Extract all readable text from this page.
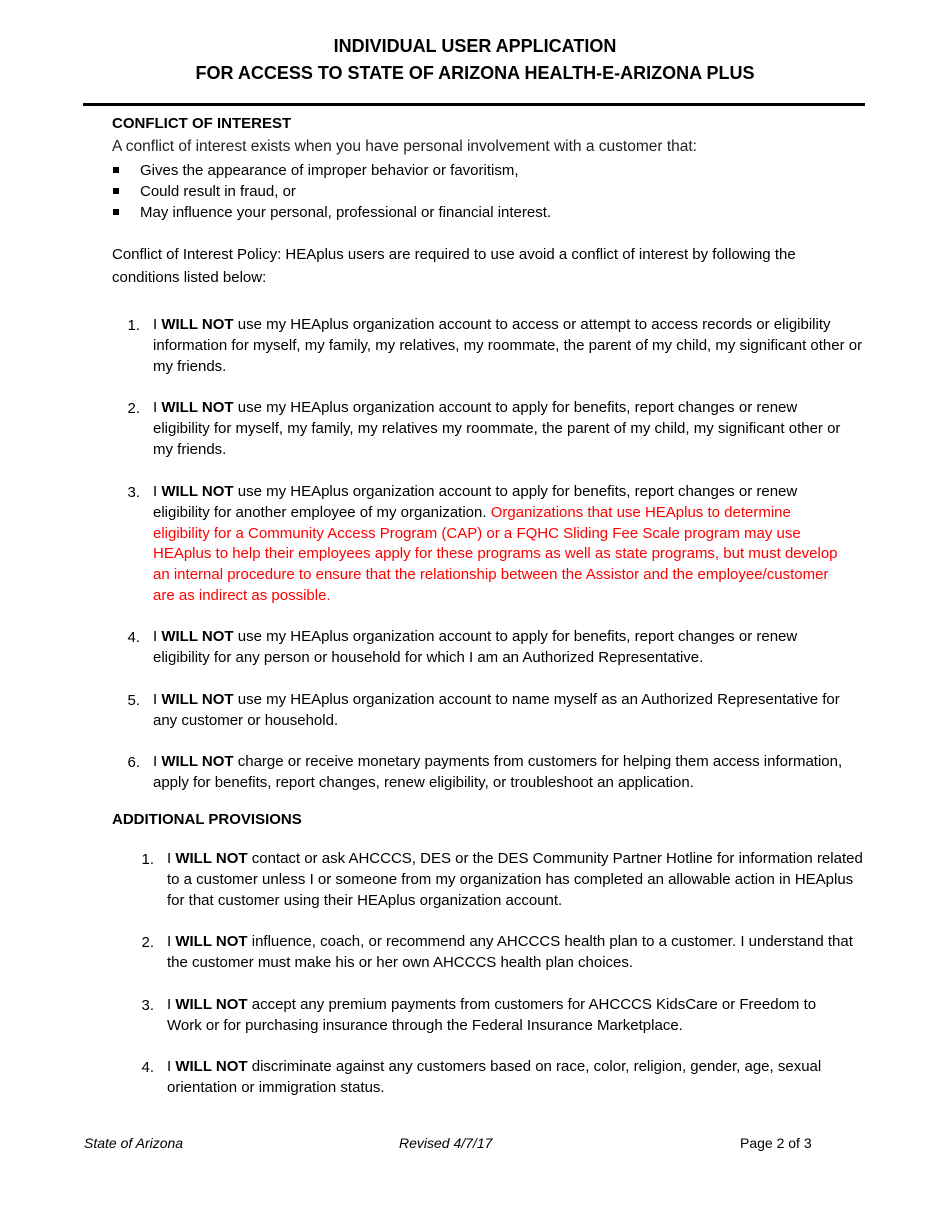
INDIVIDUAL USER APPLICATION
FOR ACCESS TO STATE OF ARIZONA HEALTH-E-ARIZONA PLUS
CONFLICT OF INTEREST
A conflict of interest exists when you have personal involvement with a customer that:
Gives the appearance of improper behavior or favoritism,
Could result in fraud, or
May influence your personal, professional or financial interest.
Conflict of Interest Policy: HEAplus users are required to use avoid a conflict of interest by following the
conditions listed below:
1. I WILL NOT use my HEAplus organization account to access or attempt to access records or eligibility information for myself, my family, my relatives, my roommate, the parent of my child, my significant other or my friends.
2. I WILL NOT use my HEAplus organization account to apply for benefits, report changes or renew eligibility for myself, my family, my relatives my roommate, the parent of my child, my significant other or my friends.
3. I WILL NOT use my HEAplus organization account to apply for benefits, report changes or renew eligibility for another employee of my organization. Organizations that use HEAplus to determine eligibility for a Community Access Program (CAP) or a FQHC Sliding Fee Scale program may use HEAplus to help their employees apply for these programs as well as state programs, but must develop an internal procedure to ensure that the relationship between the Assistor and the employee/customer are as indirect as possible.
4. I WILL NOT use my HEAplus organization account to apply for benefits, report changes or renew eligibility for any person or household for which I am an Authorized Representative.
5. I WILL NOT use my HEAplus organization account to name myself as an Authorized Representative for any customer or household.
6. I WILL NOT charge or receive monetary payments from customers for helping them access information, apply for benefits, report changes, renew eligibility, or troubleshoot an application.
ADDITIONAL PROVISIONS
1. I WILL NOT contact or ask AHCCCS, DES or the DES Community Partner Hotline for information related to a customer unless I or someone from my organization has completed an allowable action in HEAplus for that customer using their HEAplus organization account.
2. I WILL NOT influence, coach, or recommend any AHCCCS health plan to a customer. I understand that the customer must make his or her own AHCCCS health plan choices.
3. I WILL NOT accept any premium payments from customers for AHCCCS KidsCare or Freedom to Work or for purchasing insurance through the Federal Insurance Marketplace.
4. I WILL NOT discriminate against any customers based on race, color, religion, gender, age, sexual orientation or immigration status.
State of Arizona	Revised 4/7/17	Page 2 of 3
